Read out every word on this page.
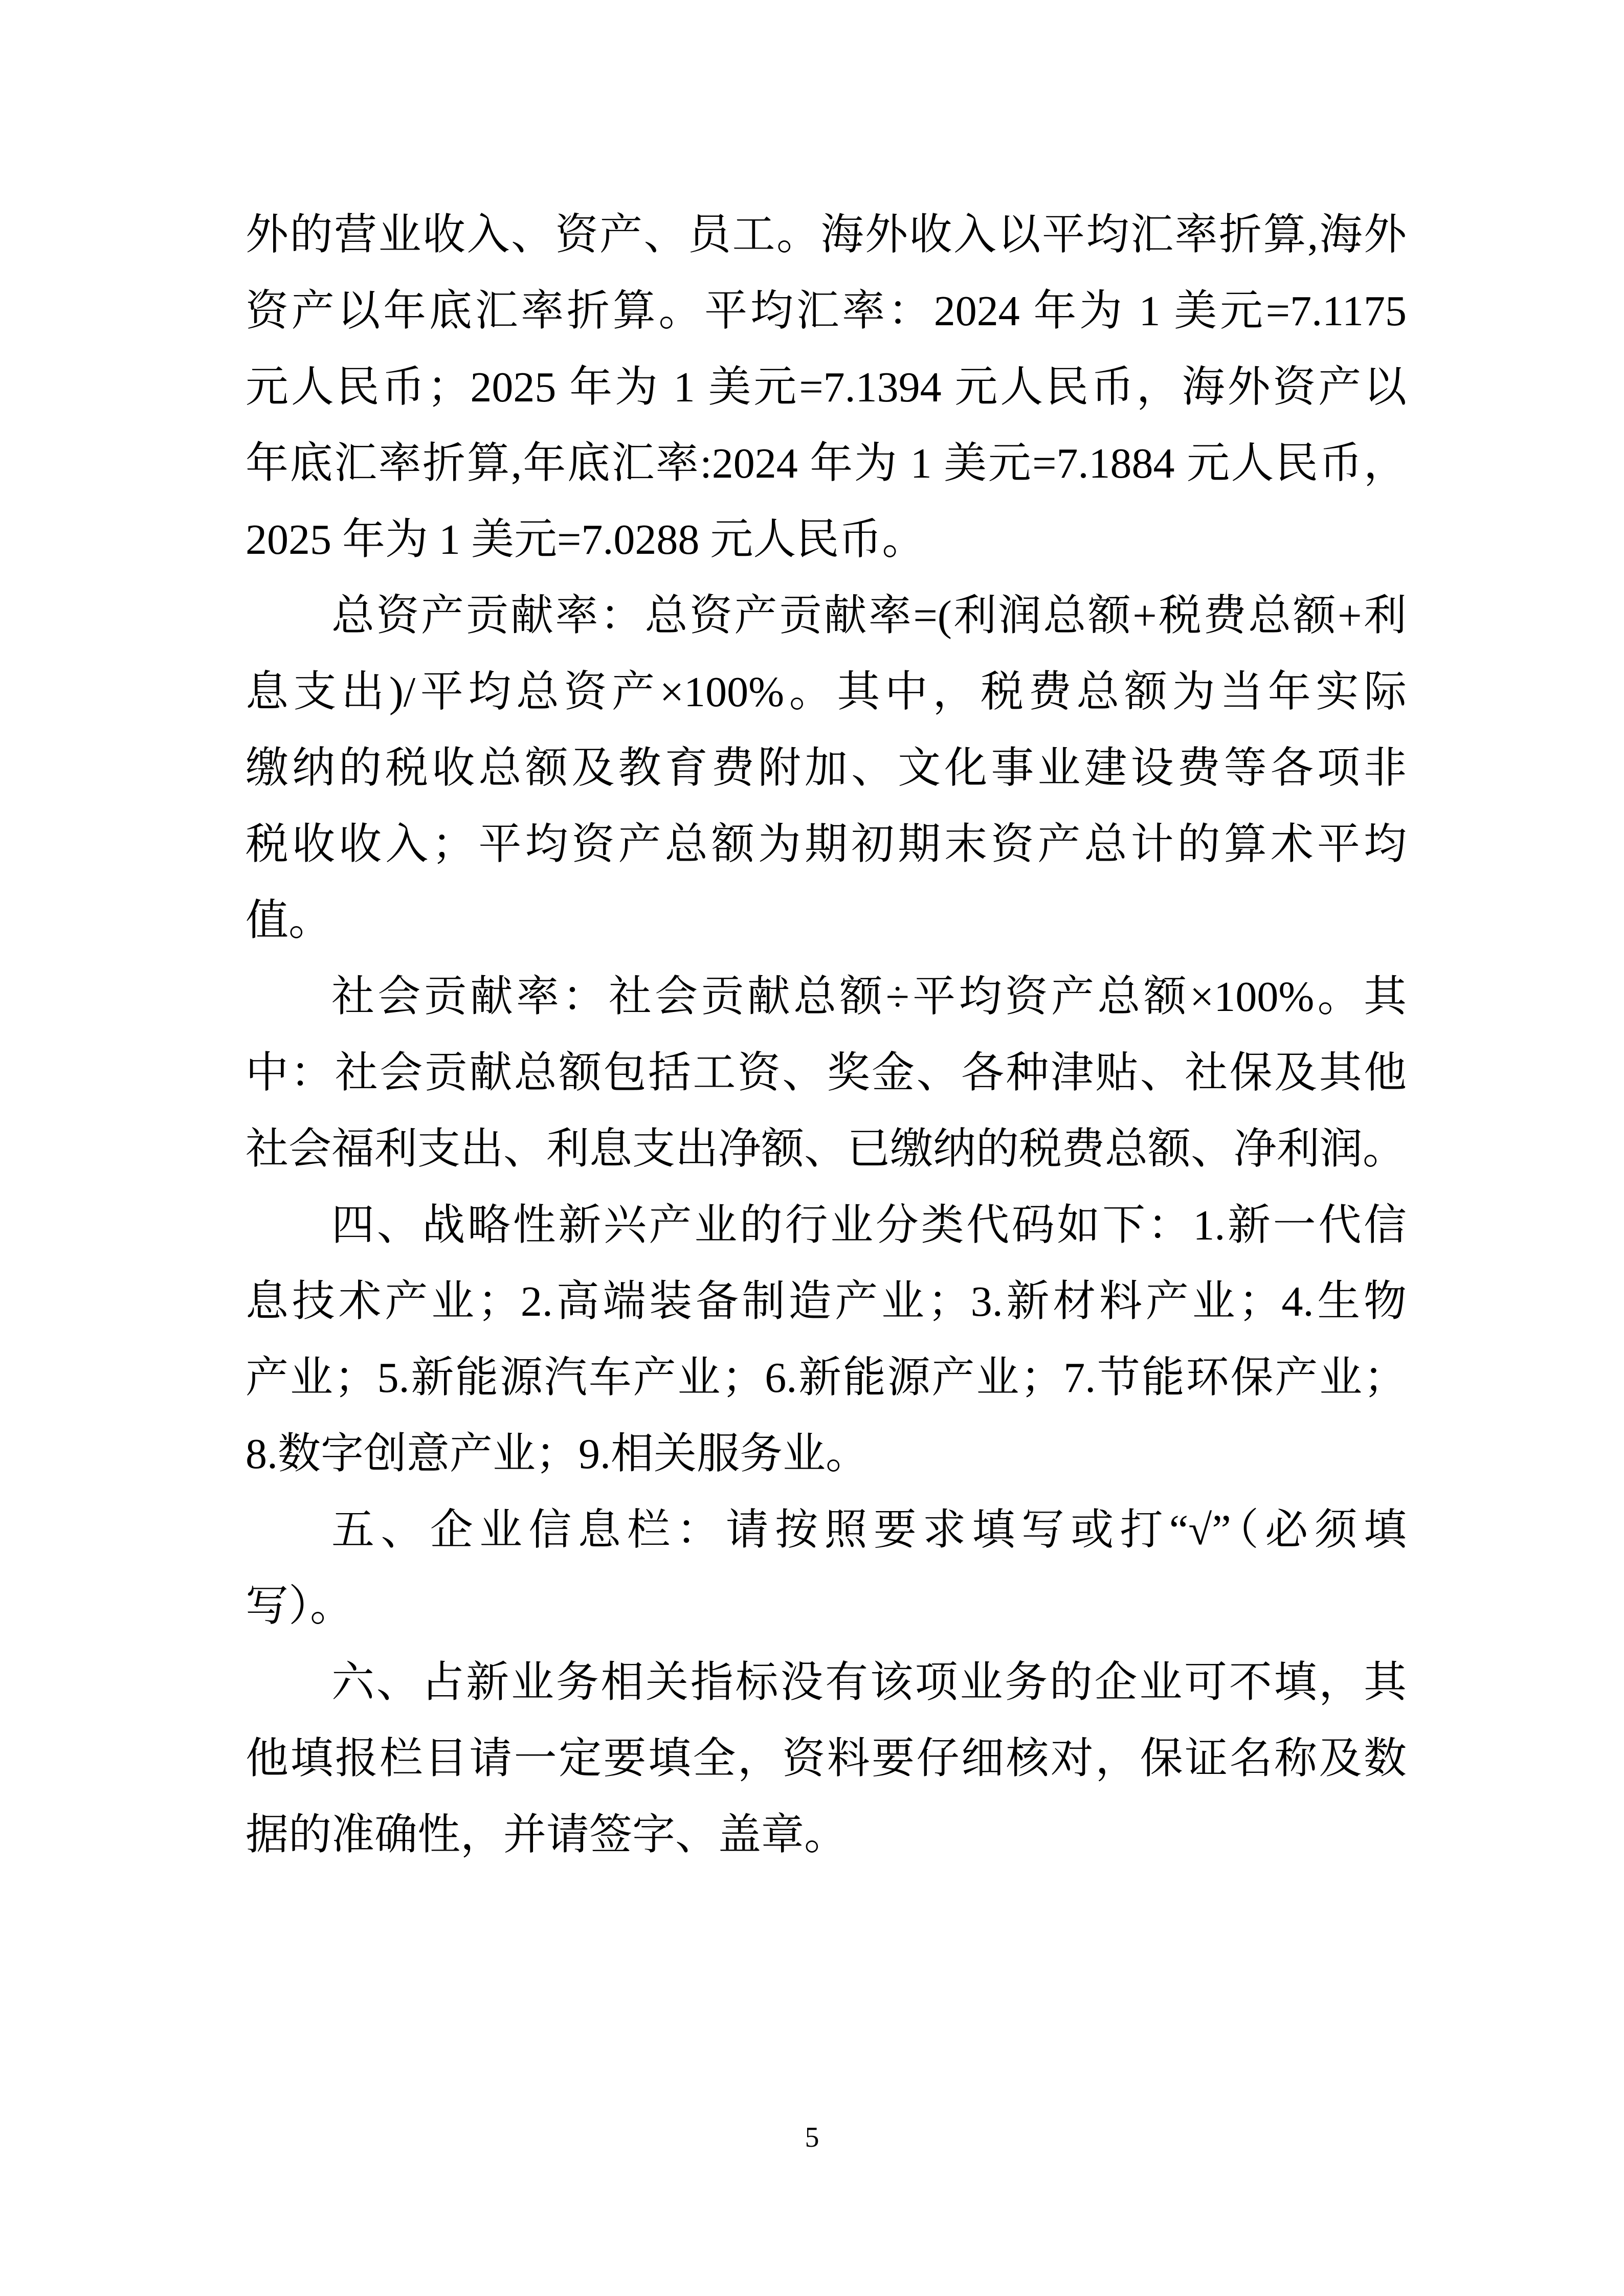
外的营业收入、资产、员工。海外收入以平均汇率折算,海外
资产以年底汇率折算。平均汇率：2024 年为 1 美元=7.1175
元人民币；2025 年为 1 美元=7.1394 元人民币，海外资产以
年底汇率折算,年底汇率:2024 年为 1 美元=7.1884 元人民币，
2025 年为 1 美元=7.0288 元人民币。
总资产贡献率：总资产贡献率=(利润总额+税费总额+利
息支出)/平均总资产×100%。其中，税费总额为当年实际
缴纳的税收总额及教育费附加、文化事业建设费等各项非
税收收入；平均资产总额为期初期末资产总计的算术平均
值。
社会贡献率：社会贡献总额÷平均资产总额×100%。其
中：社会贡献总额包括工资、奖金、各种津贴、社保及其他
社会福利支出、利息支出净额、已缴纳的税费总额、净利润。
四、战略性新兴产业的行业分类代码如下：1.新一代信
息技术产业；2.高端装备制造产业；3.新材料产业；4.生物
产业；5.新能源汽车产业；6.新能源产业；7.节能环保产业；
8.数字创意产业；9.相关服务业。
五、企业信息栏：请按照要求填写或打“√”（必须填
写）。
六、占新业务相关指标没有该项业务的企业可不填，其
他填报栏目请一定要填全，资料要仔细核对，保证名称及数
据的准确性，并请签字、盖章。
5
